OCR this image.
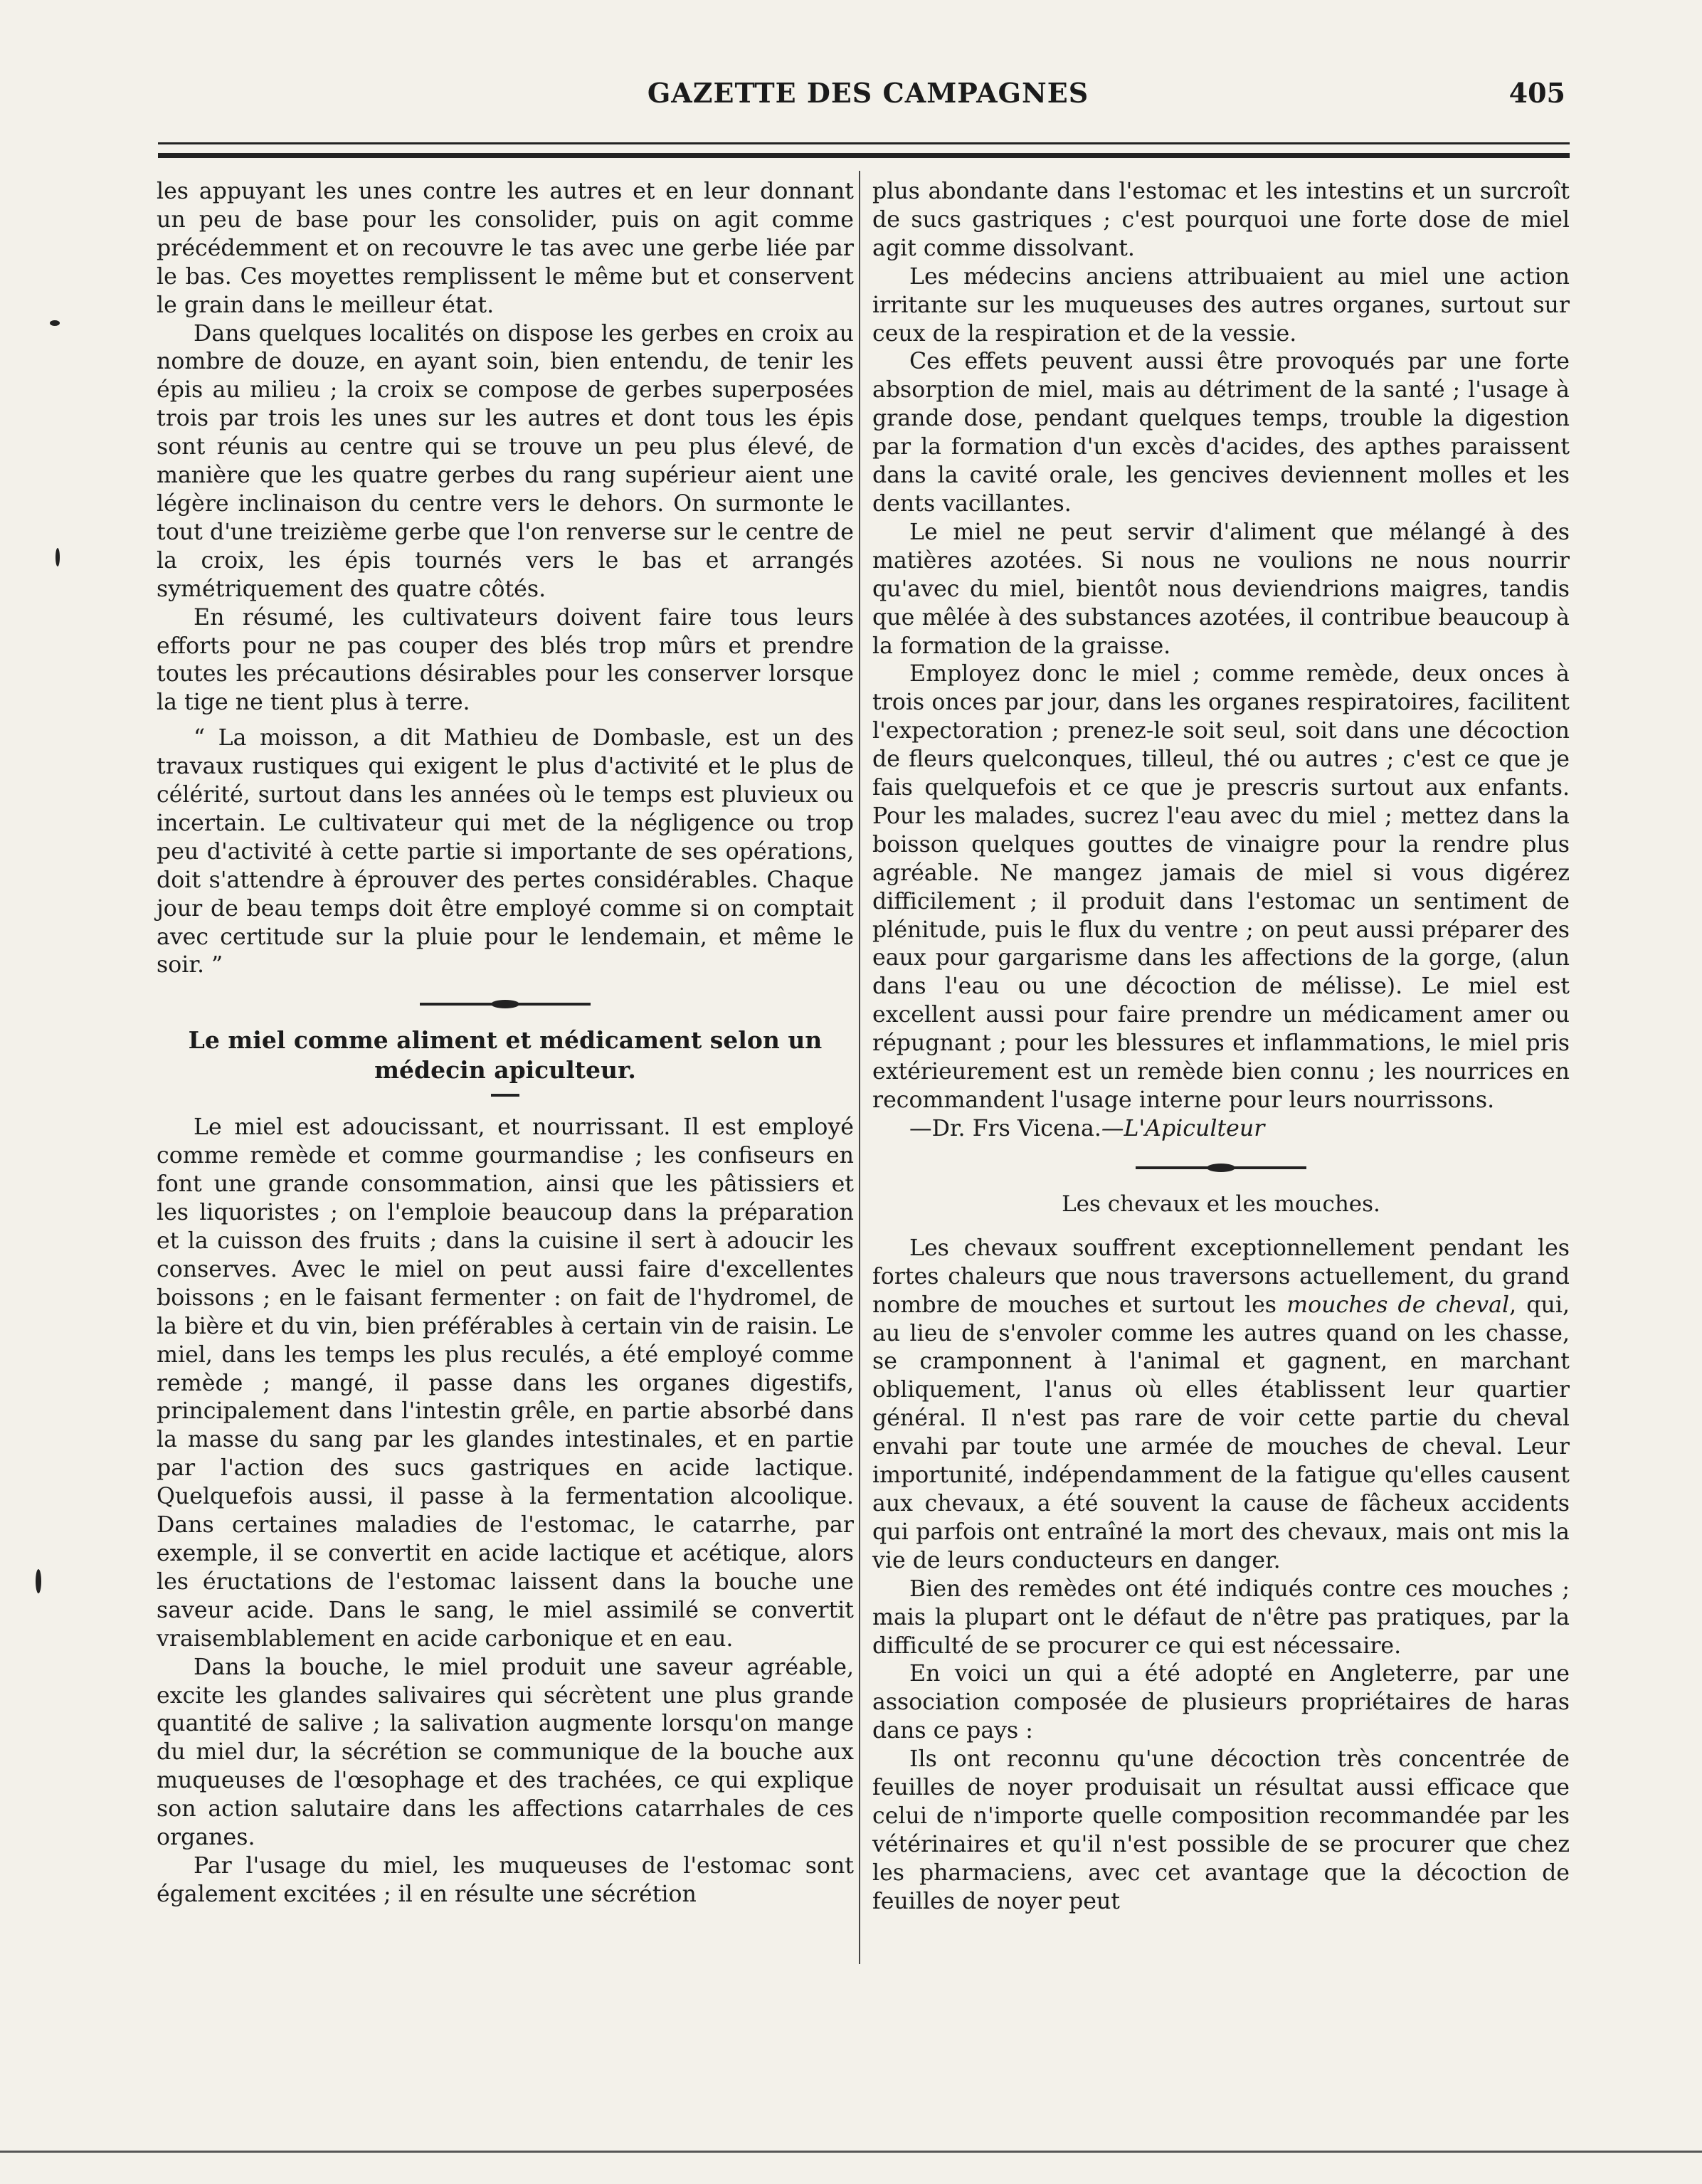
GAZETTE DES CAMPAGNES	405

les appuyant les unes contre les autres et en leur donnant un peu de base pour les consolider, puis on agit comme précédemment et on recouvre le tas avec une gerbe liée par le bas. Ces moyettes remplissent le même but et conservent le grain dans le meilleur état.

Dans quelques localités on dispose les gerbes en croix au nombre de douze, en ayant soin, bien entendu, de tenir les épis au milieu ; la croix se compose de gerbes superposées trois par trois les unes sur les autres et dont tous les épis sont réunis au centre qui se trouve un peu plus élevé, de manière que les quatre gerbes du rang supérieur aient une légère inclinaison du centre vers le dehors. On surmonte le tout d'une treizième gerbe que l'on renverse sur le centre de la croix, les épis tournés vers le bas et arrangés symétriquement des quatre côtés.

En résumé, les cultivateurs doivent faire tous leurs efforts pour ne pas couper des blés trop mûrs et prendre toutes les précautions désirables pour les conserver lorsque la tige ne tient plus à terre.

“ La moisson, a dit Mathieu de Dombasle, est un des travaux rustiques qui exigent le plus d'activité et le plus de célérité, surtout dans les années où le temps est pluvieux ou incertain. Le cultivateur qui met de la négligence ou trop peu d'activité à cette partie si importante de ses opérations, doit s'attendre à éprouver des pertes considérables. Chaque jour de beau temps doit être employé comme si on comptait avec certitude sur la pluie pour le lendemain, et même le soir. ”

Le miel comme aliment et médicament selon un médecin apiculteur.

Le miel est adoucissant, et nourrissant. Il est employé comme remède et comme gourmandise ; les confiseurs en font une grande consommation, ainsi que les pâtissiers et les liquoristes ; on l'emploie beaucoup dans la préparation et la cuisson des fruits ; dans la cuisine il sert à adoucir les conserves. Avec le miel on peut aussi faire d'excellentes boissons ; en le faisant fermenter : on fait de l'hydromel, de la bière et du vin, bien préférables à certain vin de raisin. Le miel, dans les temps les plus reculés, a été employé comme remède ; mangé, il passe dans les organes digestifs, principalement dans l'intestin grêle, en partie absorbé dans la masse du sang par les glandes intestinales, et en partie par l'action des sucs gastriques en acide lactique. Quelquefois aussi, il passe à la fermentation alcoolique. Dans certaines maladies de l'estomac, le catarrhe, par exemple, il se convertit en acide lactique et acétique, alors les éructations de l'estomac laissent dans la bouche une saveur acide. Dans le sang, le miel assimilé se convertit vraisemblablement en acide carbonique et en eau.

Dans la bouche, le miel produit une saveur agréable, excite les glandes salivaires qui sécrètent une plus grande quantité de salive ; la salivation augmente lorsqu'on mange du miel dur, la sécrétion se communique de la bouche aux muqueuses de l'œsophage et des trachées, ce qui explique son action salutaire dans les affections catarrhales de ces organes.

Par l'usage du miel, les muqueuses de l'estomac sont également excitées ; il en résulte une sécrétion

plus abondante dans l'estomac et les intestins et un surcroît de sucs gastriques ; c'est pourquoi une forte dose de miel agit comme dissolvant.

Les médecins anciens attribuaient au miel une action irritante sur les muqueuses des autres organes, surtout sur ceux de la respiration et de la vessie.

Ces effets peuvent aussi être provoqués par une forte absorption de miel, mais au détriment de la santé ; l'usage à grande dose, pendant quelques temps, trouble la digestion par la formation d'un excès d'acides, des apthes paraissent dans la cavité orale, les gencives deviennent molles et les dents vacillantes.

Le miel ne peut servir d'aliment que mélangé à des matières azotées. Si nous ne voulions ne nous nourrir qu'avec du miel, bientôt nous deviendrions maigres, tandis que mêlée à des substances azotées, il contribue beaucoup à la formation de la graisse.

Employez donc le miel ; comme remède, deux onces à trois onces par jour, dans les organes respiratoires, facilitent l'expectoration ; prenez-le soit seul, soit dans une décoction de fleurs quelconques, tilleul, thé ou autres ; c'est ce que je fais quelquefois et ce que je prescris surtout aux enfants. Pour les malades, sucrez l'eau avec du miel ; mettez dans la boisson quelques gouttes de vinaigre pour la rendre plus agréable. Ne mangez jamais de miel si vous digérez difficilement ; il produit dans l'estomac un sentiment de plénitude, puis le flux du ventre ; on peut aussi préparer des eaux pour gargarisme dans les affections de la gorge, (alun dans l'eau ou une décoction de mélisse). Le miel est excellent aussi pour faire prendre un médicament amer ou répugnant ; pour les blessures et inflammations, le miel pris extérieurement est un remède bien connu ; les nourrices en recommandent l'usage interne pour leurs nourrissons.

—Dr. Frs Vicena.—L'Apiculteur

Les chevaux et les mouches.

Les chevaux souffrent exceptionnellement pendant les fortes chaleurs que nous traversons actuellement, du grand nombre de mouches et surtout les mouches de cheval, qui, au lieu de s'envoler comme les autres quand on les chasse, se cramponnent à l'animal et gagnent, en marchant obliquement, l'anus où elles établissent leur quartier général. Il n'est pas rare de voir cette partie du cheval envahi par toute une armée de mouches de cheval. Leur importunité, indépendamment de la fatigue qu'elles causent aux chevaux, a été souvent la cause de fâcheux accidents qui parfois ont entraîné la mort des chevaux, mais ont mis la vie de leurs conducteurs en danger.

Bien des remèdes ont été indiqués contre ces mouches ; mais la plupart ont le défaut de n'être pas pratiques, par la difficulté de se procurer ce qui est nécessaire.

En voici un qui a été adopté en Angleterre, par une association composée de plusieurs propriétaires de haras dans ce pays :

Ils ont reconnu qu'une décoction très concentrée de feuilles de noyer produisait un résultat aussi efficace que celui de n'importe quelle composition recommandée par les vétérinaires et qu'il n'est possible de se procurer que chez les pharmaciens, avec cet avantage que la décoction de feuilles de noyer peut
